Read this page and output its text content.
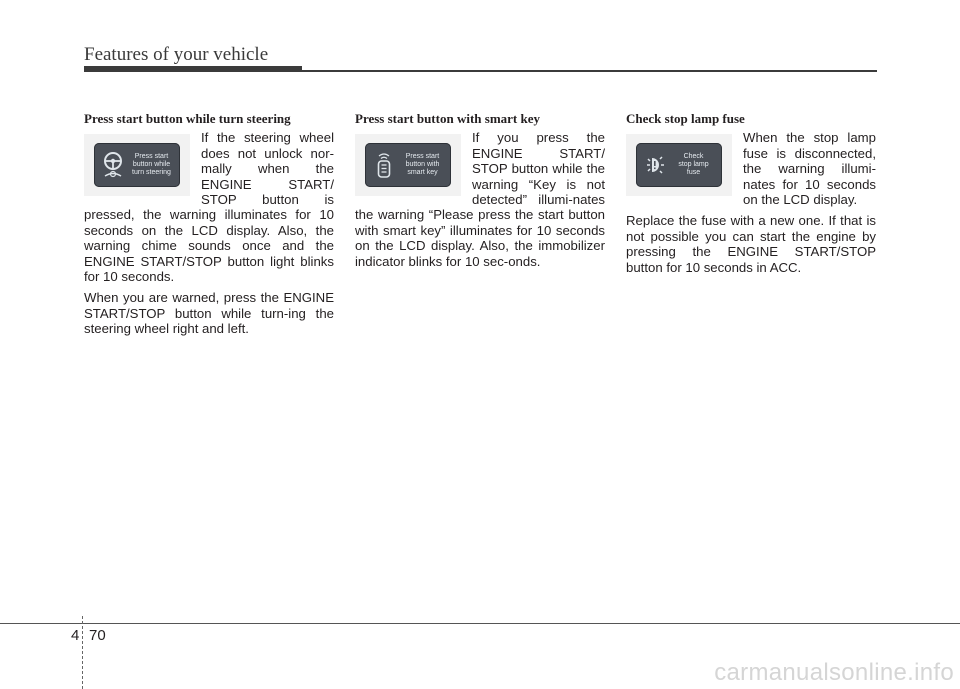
Features of your vehicle
Press start button while turn steering
Press start
button while
turn steering

If the steering wheel does not unlock nor-mally when the ENGINE START/ STOP button is pressed, the warning illuminates for 10 seconds on the LCD display. Also, the warning chime sounds once and the ENGINE START/STOP button light blinks for 10 seconds.

When you are warned, press the ENGINE START/STOP button while turn-ing the steering wheel right and left.

Press start button with smart key
Press start
button with
smart key

If you press the ENGINE START/ STOP button while the warning “Key is not detected” illumi-nates the warning “Please press the start button with smart key” illuminates for 10 seconds on the LCD display. Also, the immobilizer indicator blinks for 10 sec-onds.

Check stop lamp fuse
Check
stop lamp
fuse

When the stop lamp fuse is disconnected, the warning illumi-nates for 10 seconds on the LCD display.

Replace the fuse with a new one. If that is not possible you can start the engine by pressing the ENGINE START/STOP button for 10 seconds in ACC.

4 70
carmanualsonline.info
